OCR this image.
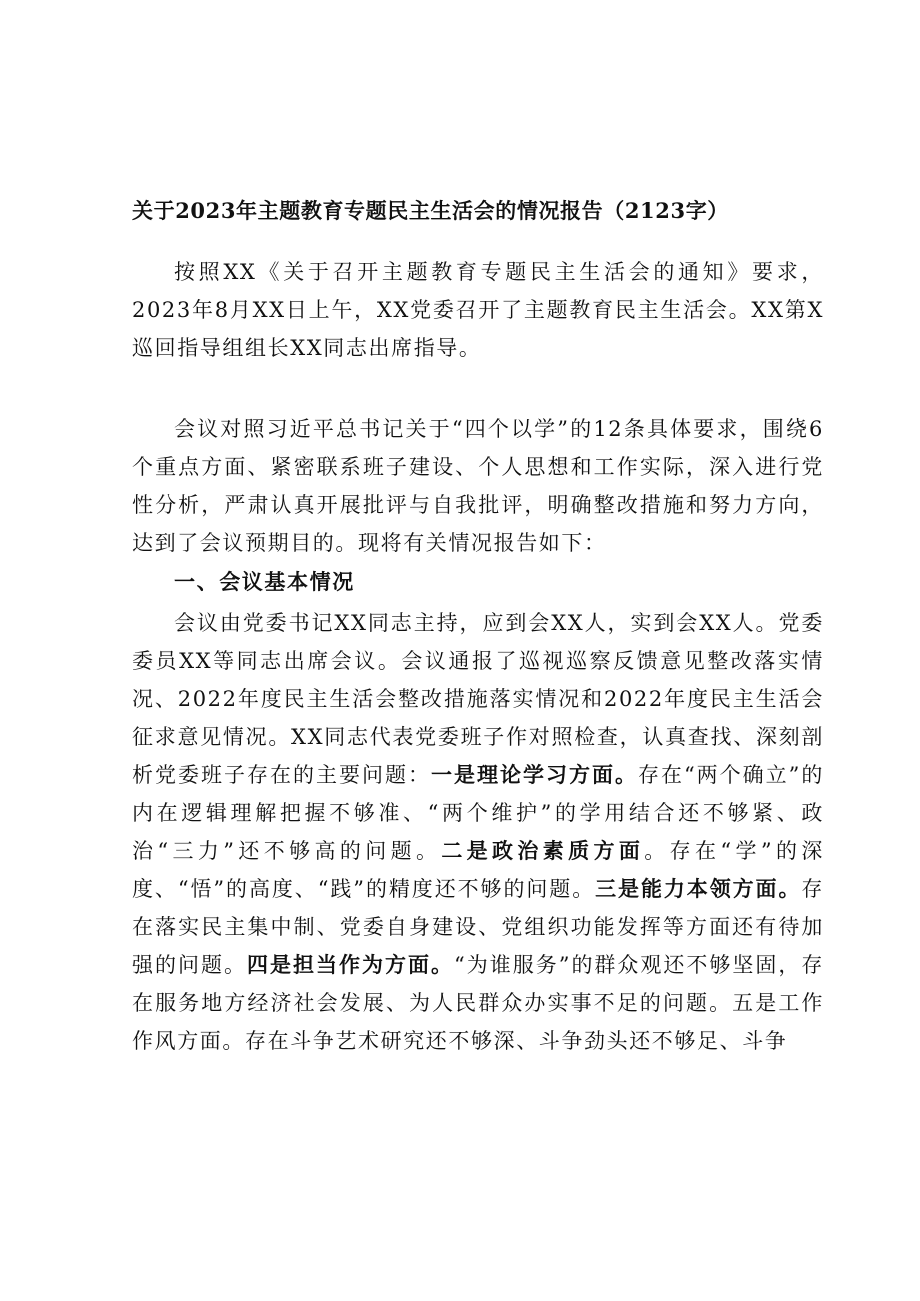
关于2023年主题教育专题民主生活会的情况报告（2123字）
按照XX《关于召开主题教育专题民主生活会的通知》要求，2023年8月XX日上午，XX党委召开了主题教育民主生活会。XX第X巡回指导组组长XX同志出席指导。
会议对照习近平总书记关于“四个以学”的12条具体要求，围绕6个重点方面、紧密联系班子建设、个人思想和工作实际，深入进行党性分析，严肃认真开展批评与自我批评，明确整改措施和努力方向，达到了会议预期目的。现将有关情况报告如下：
一、会议基本情况
会议由党委书记XX同志主持，应到会XX人，实到会XX人。党委委员XX等同志出席会议。会议通报了巡视巡察反馈意见整改落实情况、2022年度民主生活会整改措施落实情况和2022年度民主生活会征求意见情况。XX同志代表党委班子作对照检查，认真查找、深刻剖析党委班子存在的主要问题：一是理论学习方面。存在“两个确立”的内在逻辑理解把握不够准、“两个维护”的学用结合还不够紧、政治“三力”还不够高的问题。二是政治素质方面。存在“学”的深度、“悟”的高度、“践”的精度还不够的问题。三是能力本领方面。存在落实民主集中制、党委自身建设、党组织功能发挥等方面还有待加强的问题。四是担当作为方面。“为谁服务”的群众观还不够坚固，存在服务地方经济社会发展、为人民群众办实事不足的问题。五是工作作风方面。存在斗争艺术研究还不够深、斗争劲头还不够足、斗争
